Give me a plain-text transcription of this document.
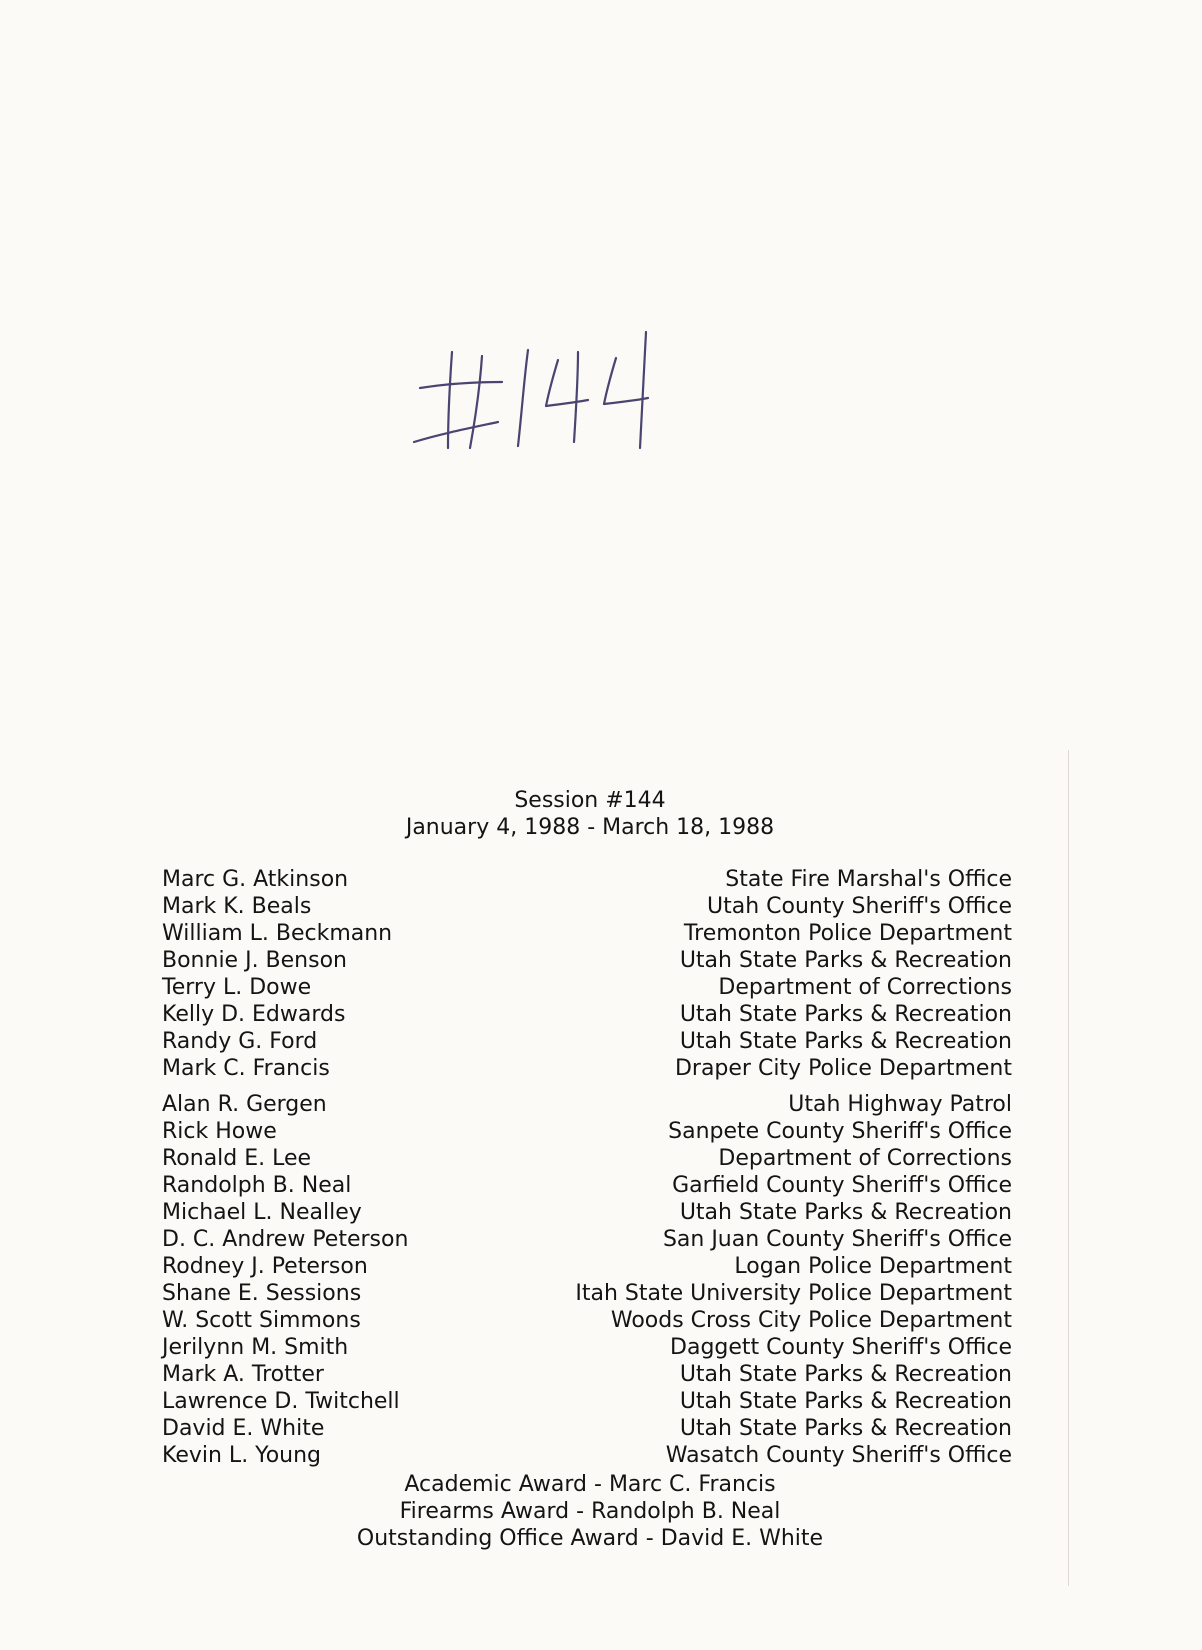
Session #144
January 4, 1988 - March 18, 1988
Marc G. Atkinson	State Fire Marshal's Office
Mark K. Beals	Utah County Sheriff's Office
William L. Beckmann	Tremonton Police Department
Bonnie J. Benson	Utah State Parks & Recreation
Terry L. Dowe	Department of Corrections
Kelly D. Edwards	Utah State Parks & Recreation
Randy G. Ford	Utah State Parks & Recreation
Mark C. Francis	Draper City Police Department
Alan R. Gergen	Utah Highway Patrol
Rick Howe	Sanpete County Sheriff's Office
Ronald E. Lee	Department of Corrections
Randolph B. Neal	Garfield County Sheriff's Office
Michael L. Nealley	Utah State Parks & Recreation
D. C. Andrew Peterson	San Juan County Sheriff's Office
Rodney J. Peterson	Logan Police Department
Shane E. Sessions	Itah State University Police Department
W. Scott Simmons	Woods Cross City Police Department
Jerilynn M. Smith	Daggett County Sheriff's Office
Mark A. Trotter	Utah State Parks & Recreation
Lawrence D. Twitchell	Utah State Parks & Recreation
David E. White	Utah State Parks & Recreation
Kevin L. Young	Wasatch County Sheriff's Office
Academic Award - Marc C. Francis
Firearms Award - Randolph B. Neal
Outstanding Office Award - David E. White
